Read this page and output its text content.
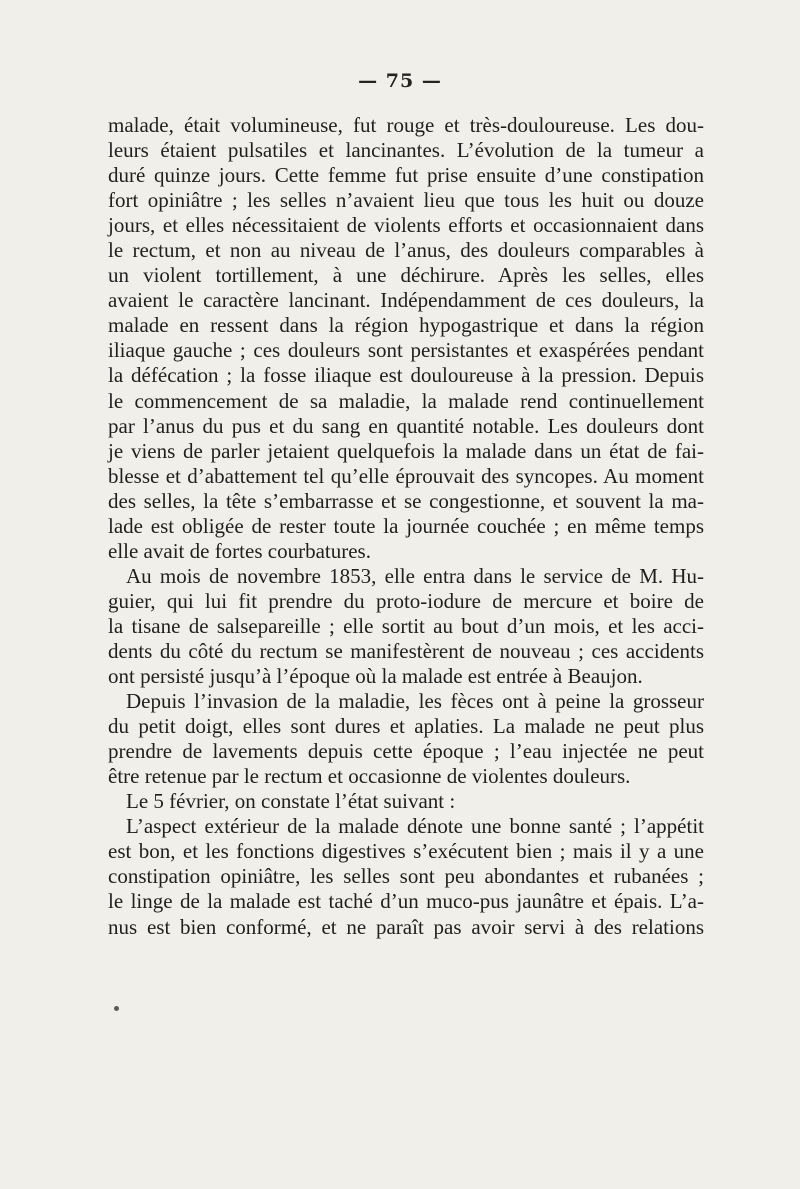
— 75 —
malade, était volumineuse, fut rouge et très-douloureuse. Les dou-
leurs étaient pulsatiles et lancinantes. L’évolution de la tumeur a
duré quinze jours. Cette femme fut prise ensuite d’une constipation
fort opiniâtre ; les selles n’avaient lieu que tous les huit ou douze
jours, et elles nécessitaient de violents efforts et occasionnaient dans
le rectum, et non au niveau de l’anus, des douleurs comparables à
un violent tortillement, à une déchirure. Après les selles, elles
avaient le caractère lancinant. Indépendamment de ces douleurs, la
malade en ressent dans la région hypogastrique et dans la région
iliaque gauche ; ces douleurs sont persistantes et exaspérées pendant
la défécation ; la fosse iliaque est douloureuse à la pression. Depuis
le commencement de sa maladie, la malade rend continuellement
par l’anus du pus et du sang en quantité notable. Les douleurs dont
je viens de parler jetaient quelquefois la malade dans un état de fai-
blesse et d’abattement tel qu’elle éprouvait des syncopes. Au moment
des selles, la tête s’embarrasse et se congestionne, et souvent la ma-
lade est obligée de rester toute la journée couchée ; en même temps
elle avait de fortes courbatures.
Au mois de novembre 1853, elle entra dans le service de M. Hu-
guier, qui lui fit prendre du proto-iodure de mercure et boire de
la tisane de salsepareille ; elle sortit au bout d’un mois, et les acci-
dents du côté du rectum se manifestèrent de nouveau ; ces accidents
ont persisté jusqu’à l’époque où la malade est entrée à Beaujon.
Depuis l’invasion de la maladie, les fèces ont à peine la grosseur
du petit doigt, elles sont dures et aplaties. La malade ne peut plus
prendre de lavements depuis cette époque ; l’eau injectée ne peut
être retenue par le rectum et occasionne de violentes douleurs.
Le 5 février, on constate l’état suivant :
L’aspect extérieur de la malade dénote une bonne santé ; l’appétit
est bon, et les fonctions digestives s’exécutent bien ; mais il y a une
constipation opiniâtre, les selles sont peu abondantes et rubanées ;
le linge de la malade est taché d’un muco-pus jaunâtre et épais. L’a-
nus est bien conformé, et ne paraît pas avoir servi à des relations
